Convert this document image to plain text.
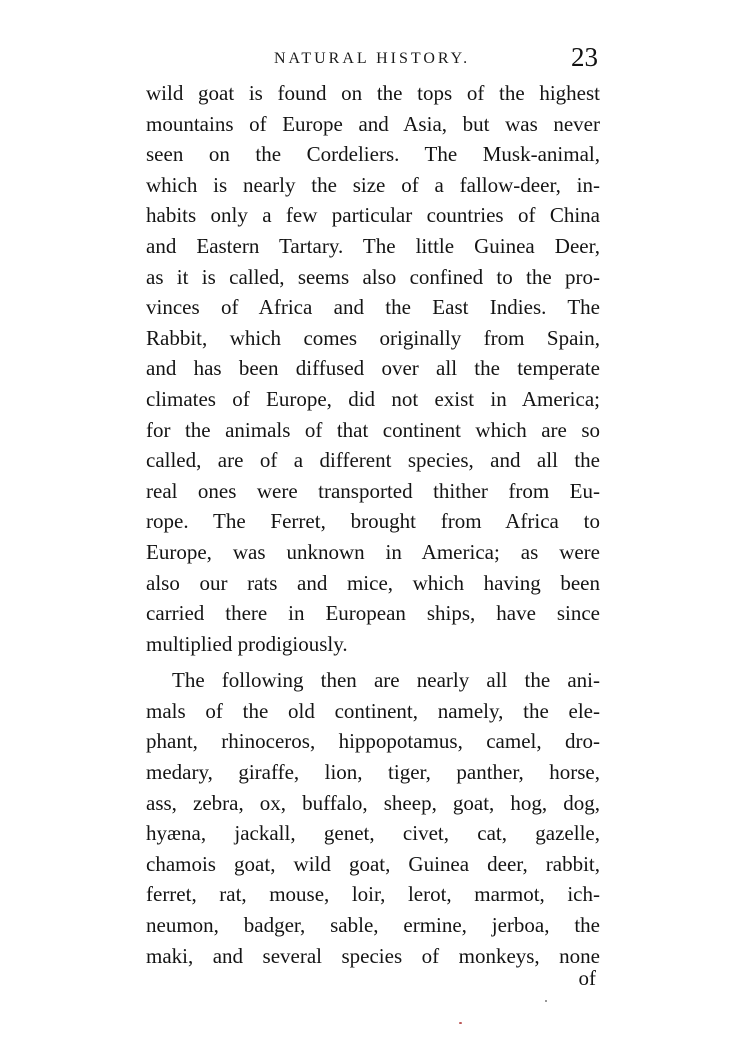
NATURAL HISTORY.	23
wild goat is found on the tops of the highest
mountains of Europe and Asia, but was never
seen on the Cordeliers. The Musk-animal,
which is nearly the size of a fallow-deer, in-
habits only a few particular countries of China
and Eastern Tartary. The little Guinea Deer,
as it is called, seems also confined to the pro-
vinces of Africa and the East Indies. The
Rabbit, which comes originally from Spain,
and has been diffused over all the temperate
climates of Europe, did not exist in America;
for the animals of that continent which are so
called, are of a different species, and all the
real ones were transported thither from Eu-
rope. The Ferret, brought from Africa to
Europe, was unknown in America; as were
also our rats and mice, which having been
carried there in European ships, have since
multiplied prodigiously.
The following then are nearly all the ani-
mals of the old continent, namely, the ele-
phant, rhinoceros, hippopotamus, camel, dro-
medary, giraffe, lion, tiger, panther, horse,
ass, zebra, ox, buffalo, sheep, goat, hog, dog,
hyæna, jackall, genet, civet, cat, gazelle,
chamois goat, wild goat, Guinea deer, rabbit,
ferret, rat, mouse, loir, lerot, marmot, ich-
neumon, badger, sable, ermine, jerboa, the
maki, and several species of monkeys, none
of
